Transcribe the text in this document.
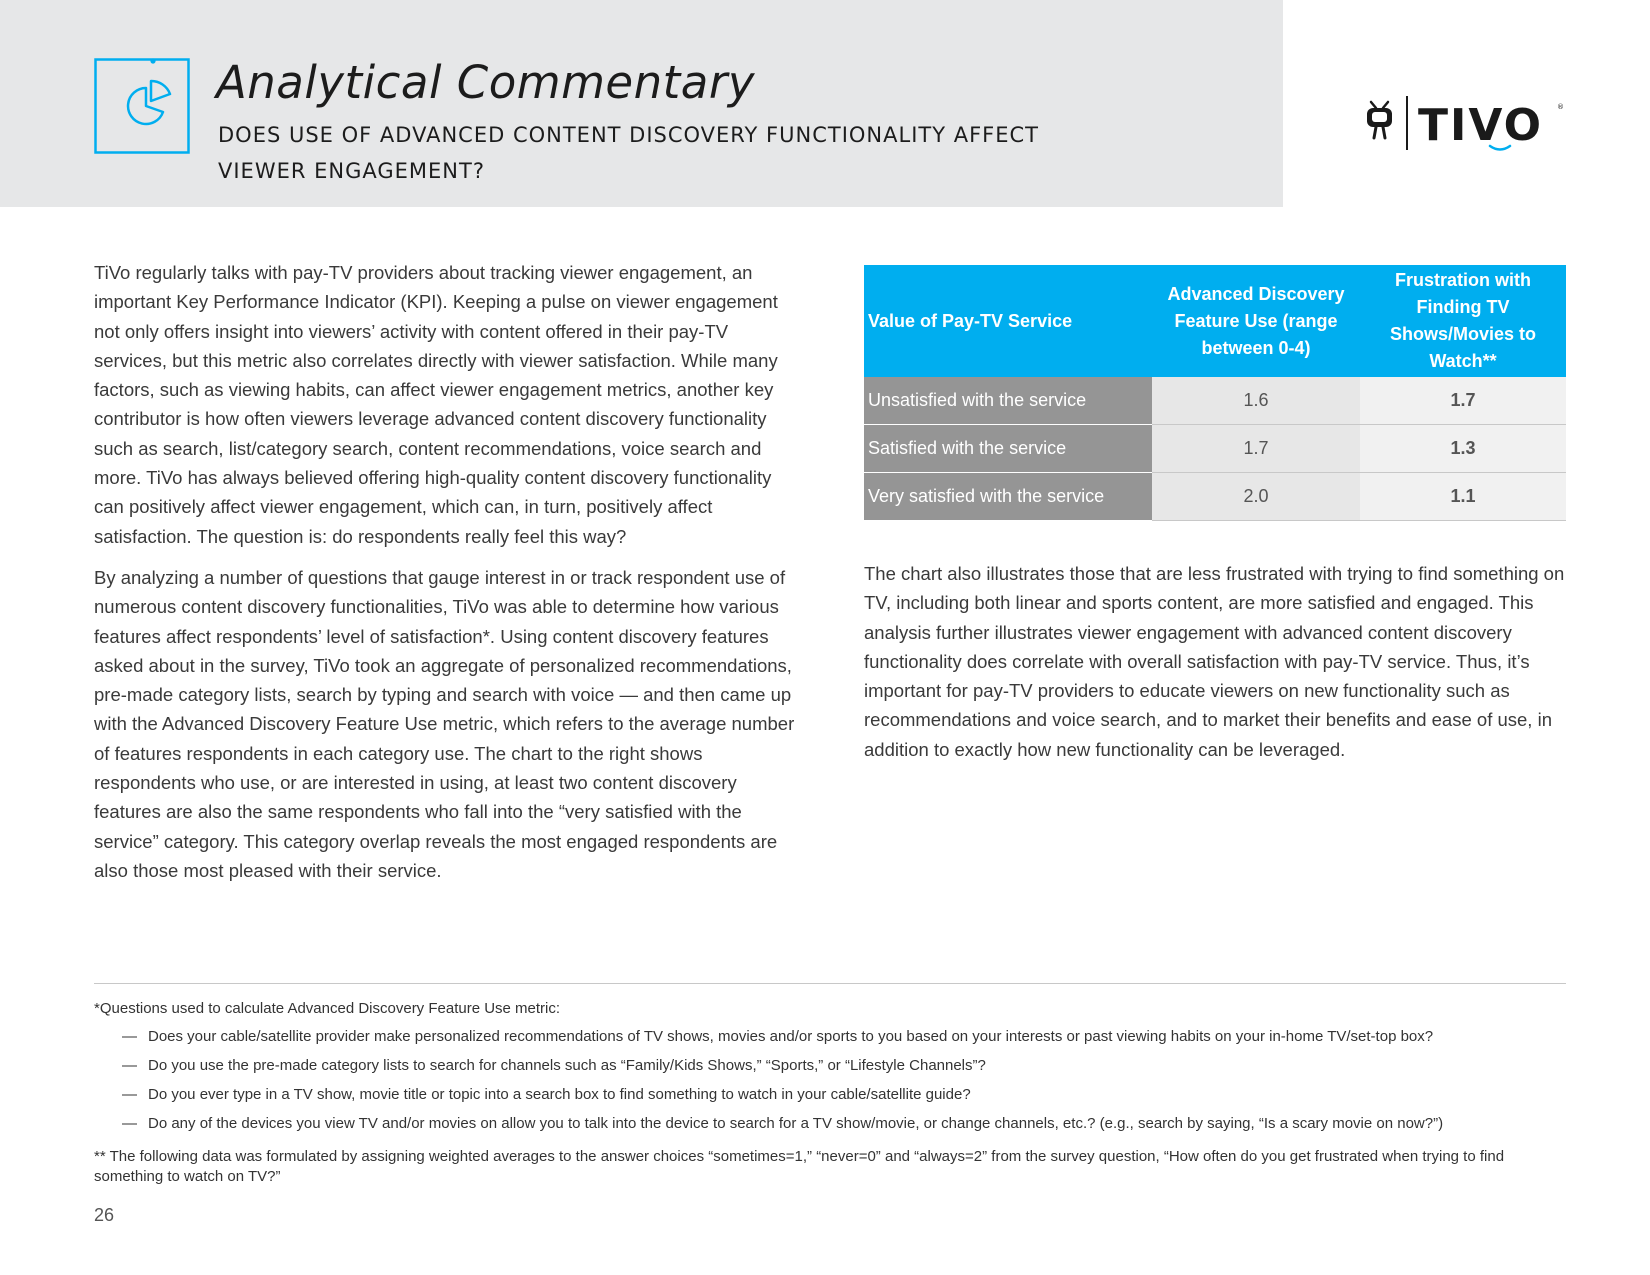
Analytical Commentary

DOES USE OF ADVANCED CONTENT DISCOVERY FUNCTIONALITY AFFECT VIEWER ENGAGEMENT?

TIVO ®

TiVo regularly talks with pay-TV providers about tracking viewer engagement, an important Key Performance Indicator (KPI). Keeping a pulse on viewer engagement not only offers insight into viewers’ activity with content offered in their pay-TV services, but this metric also correlates directly with viewer satisfaction. While many factors, such as viewing habits, can affect viewer engagement metrics, another key contributor is how often viewers leverage advanced content discovery functionality such as search, list/category search, content recommendations, voice search and more. TiVo has always believed offering high-quality content discovery functionality can positively affect viewer engagement, which can, in turn, positively affect satisfaction. The question is: do respondents really feel this way?

By analyzing a number of questions that gauge interest in or track respondent use of numerous content discovery functionalities, TiVo was able to determine how various features affect respondents’ level of satisfaction*. Using content discovery features asked about in the survey, TiVo took an aggregate of personalized recommendations, pre-made category lists, search by typing and search with voice — and then came up with the Advanced Discovery Feature Use metric, which refers to the average number of features respondents in each category use. The chart to the right shows respondents who use, or are interested in using, at least two content discovery features are also the same respondents who fall into the “very satisfied with the service” category. This category overlap reveals the most engaged respondents are also those most pleased with their service.

Value of Pay-TV Service	Advanced Discovery Feature Use (range between 0-4)	Frustration with Finding TV Shows/Movies to Watch**
Unsatisfied with the service	1.6	1.7
Satisfied with the service	1.7	1.3
Very satisfied with the service	2.0	1.1

The chart also illustrates those that are less frustrated with trying to find something on TV, including both linear and sports content, are more satisfied and engaged. This analysis further illustrates viewer engagement with advanced content discovery functionality does correlate with overall satisfaction with pay-TV service. Thus, it’s important for pay-TV providers to educate viewers on new functionality such as recommendations and voice search, and to market their benefits and ease of use, in addition to exactly how new functionality can be leveraged.

*Questions used to calculate Advanced Discovery Feature Use metric:

— Does your cable/satellite provider make personalized recommendations of TV shows, movies and/or sports to you based on your interests or past viewing habits on your in-home TV/set-top box?
— Do you use the pre-made category lists to search for channels such as “Family/Kids Shows,” “Sports,” or “Lifestyle Channels”?
— Do you ever type in a TV show, movie title or topic into a search box to find something to watch in your cable/satellite guide?
— Do any of the devices you view TV and/or movies on allow you to talk into the device to search for a TV show/movie, or change channels, etc.? (e.g., search by saying, “Is a scary movie on now?”)

** The following data was formulated by assigning weighted averages to the answer choices “sometimes=1,” “never=0” and “always=2” from the survey question, “How often do you get frustrated when trying to find something to watch on TV?”

26
